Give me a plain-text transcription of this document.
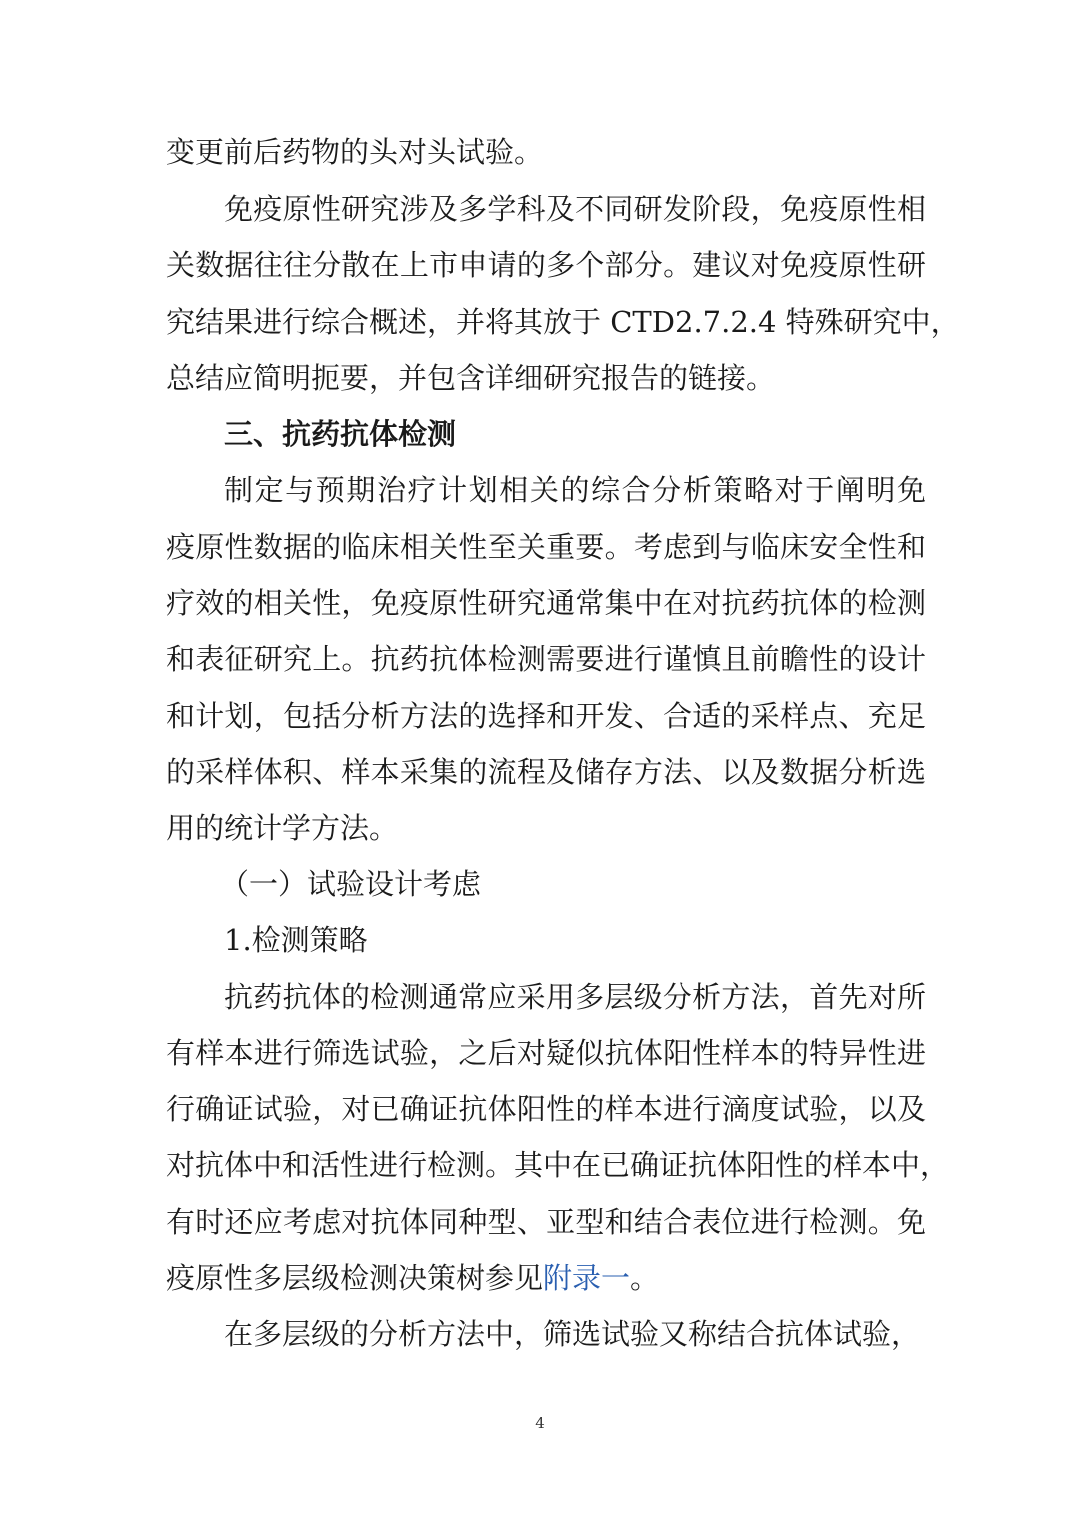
变更前后药物的头对头试验。
免疫原性研究涉及多学科及不同研发阶段，免疫原性相
关数据往往分散在上市申请的多个部分。建议对免疫原性研
究结果进行综合概述，并将其放于 CTD2.7.2.4 特殊研究中，
总结应简明扼要，并包含详细研究报告的链接。
三、抗药抗体检测
制定与预期治疗计划相关的综合分析策略对于阐明免
疫原性数据的临床相关性至关重要。考虑到与临床安全性和
疗效的相关性，免疫原性研究通常集中在对抗药抗体的检测
和表征研究上。抗药抗体检测需要进行谨慎且前瞻性的设计
和计划，包括分析方法的选择和开发、合适的采样点、充足
的采样体积、样本采集的流程及储存方法、以及数据分析选
用的统计学方法。
（一）试验设计考虑
1.检测策略
抗药抗体的检测通常应采用多层级分析方法，首先对所
有样本进行筛选试验，之后对疑似抗体阳性样本的特异性进
行确证试验，对已确证抗体阳性的样本进行滴度试验，以及
对抗体中和活性进行检测。其中在已确证抗体阳性的样本中，
有时还应考虑对抗体同种型、亚型和结合表位进行检测。免
疫原性多层级检测决策树参见附录一。
在多层级的分析方法中，筛选试验又称结合抗体试验，
4
